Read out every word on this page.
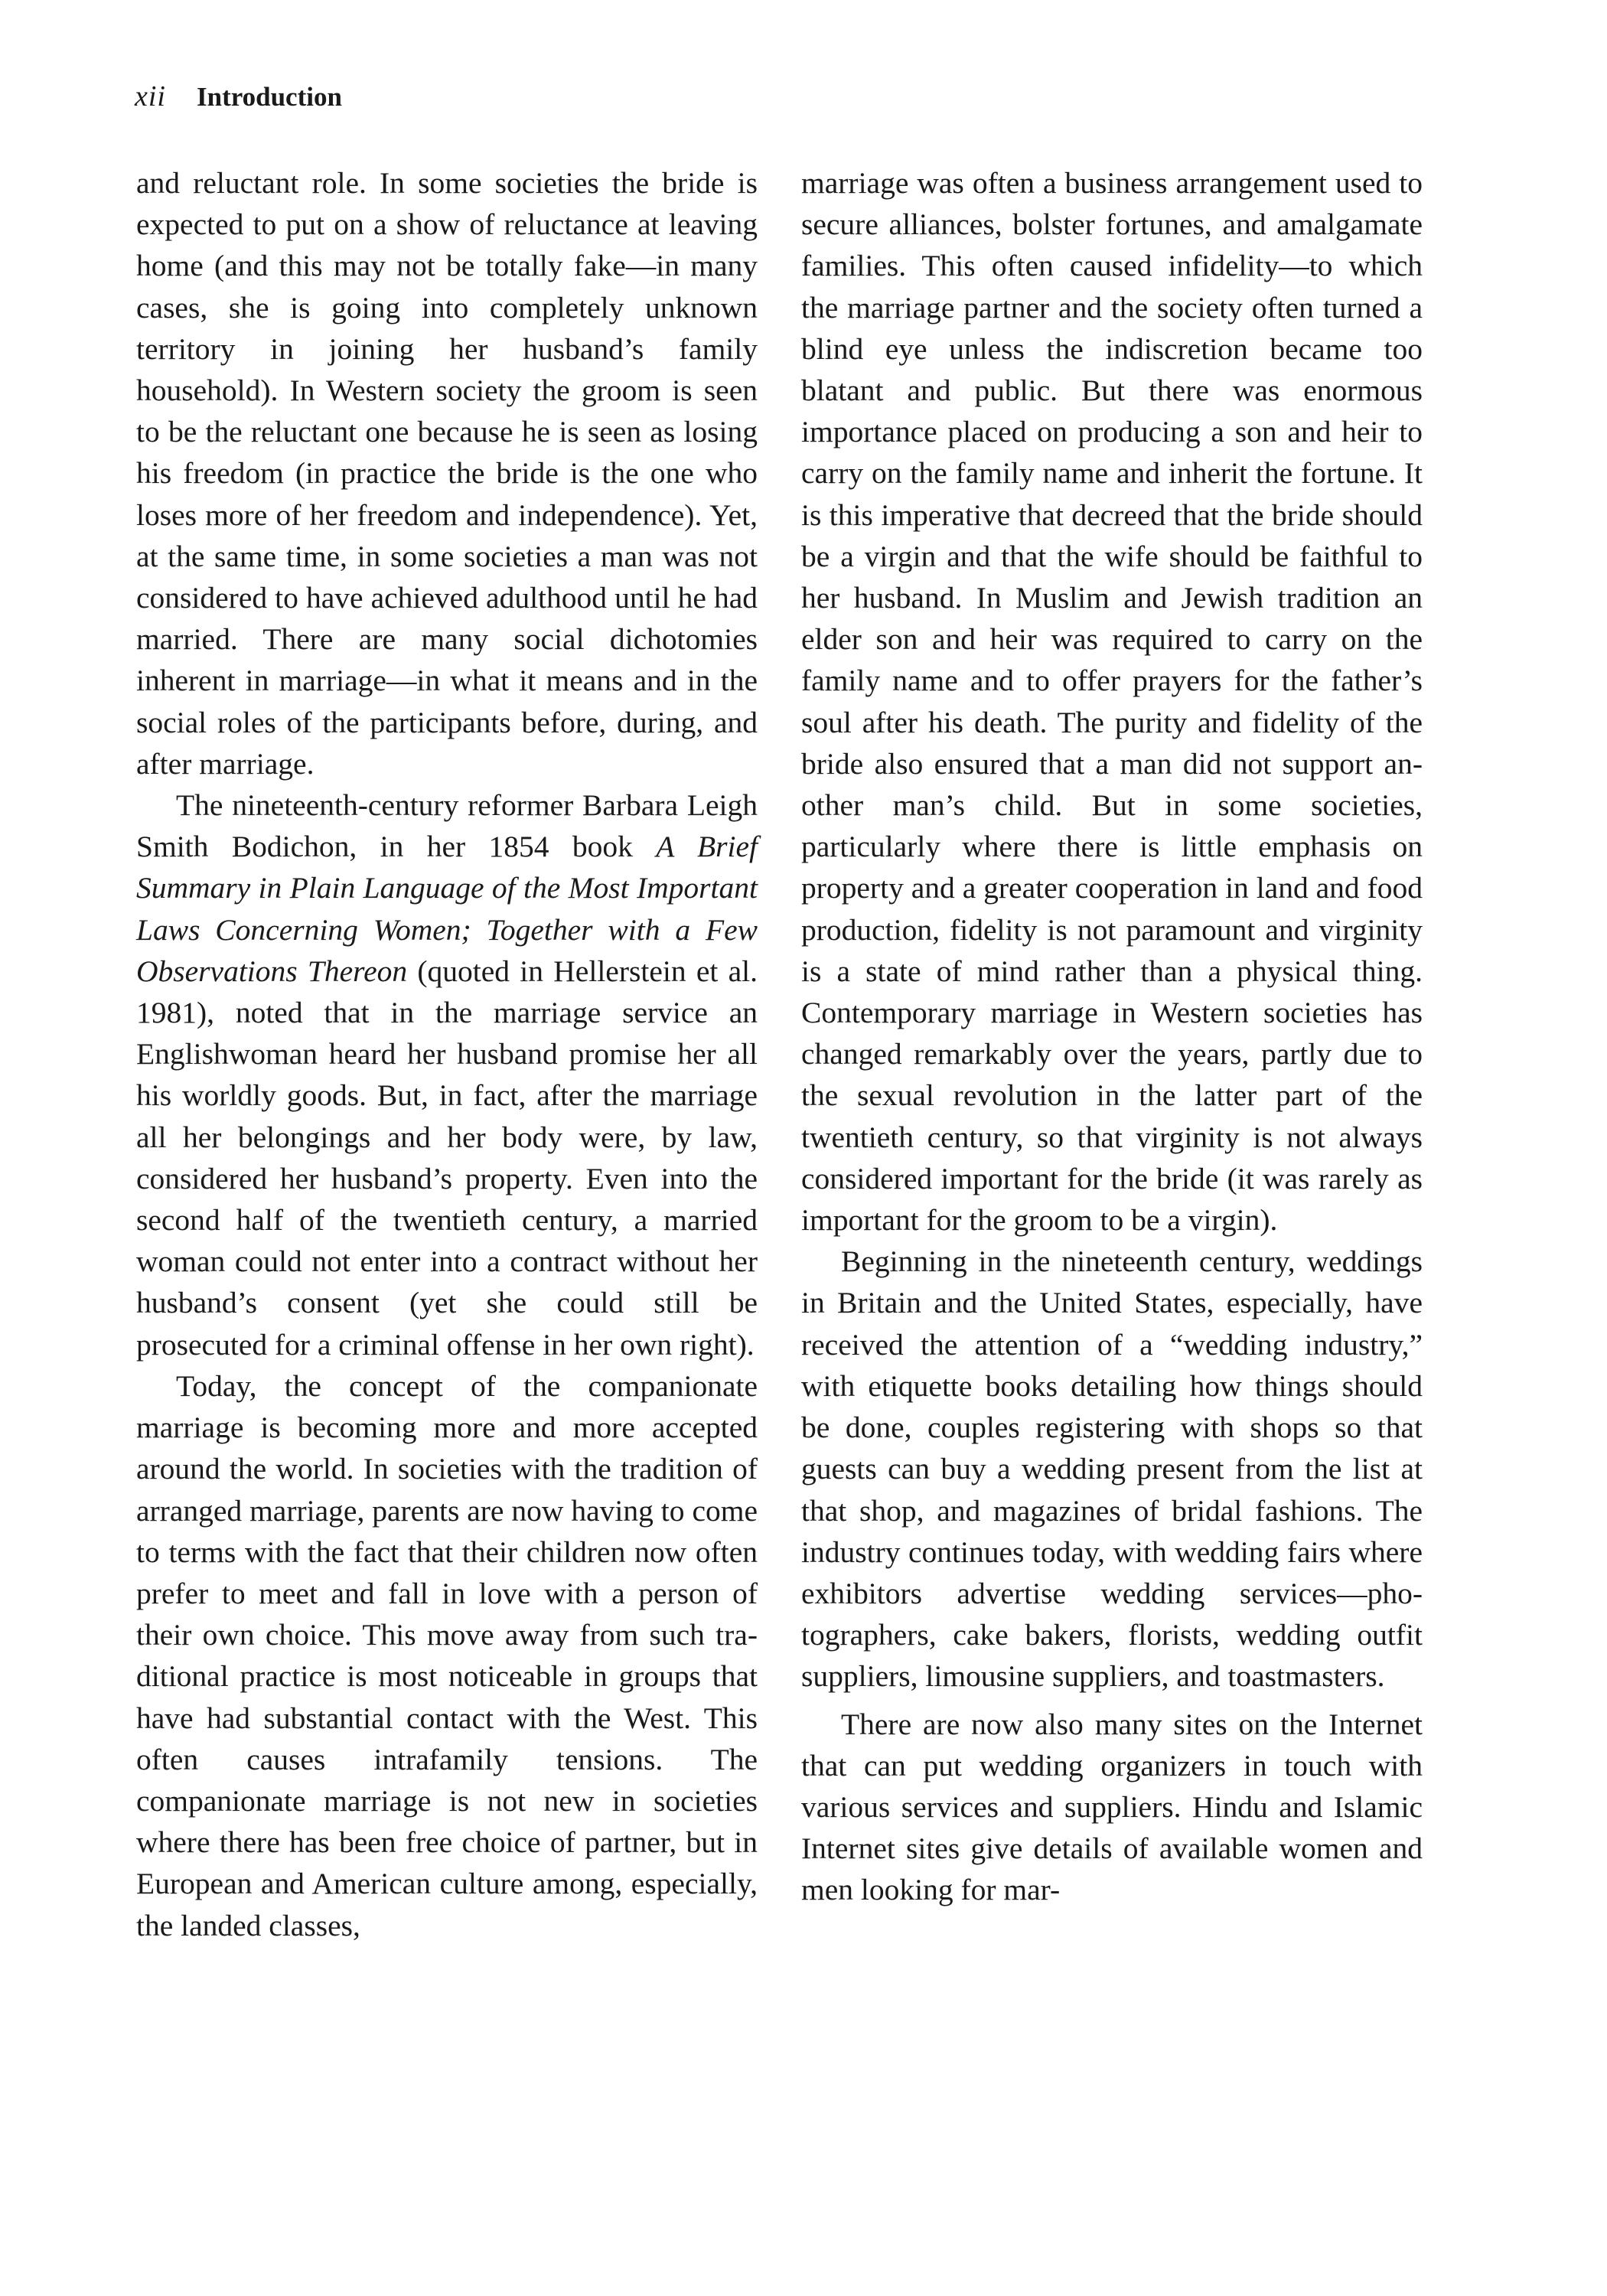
xii Introduction

and reluctant role. In some societies the bride is expected to put on a show of reluctance at leaving home (and this may not be totally fake—in many cases, she is going into completely unknown territory in joining her husband’s family household). In Western society the groom is seen to be the reluctant one because he is seen as losing his freedom (in practice the bride is the one who loses more of her freedom and independence). Yet, at the same time, in some societies a man was not considered to have achieved adulthood until he had married. There are many social dichotomies inherent in marriage—in what it means and in the social roles of the participants before, during, and after marriage.

The nineteenth-century reformer Barbara Leigh Smith Bodichon, in her 1854 book A Brief Summary in Plain Language of the Most Important Laws Concerning Women; Together with a Few Observations Thereon (quoted in Hellerstein et al. 1981), noted that in the marriage service an Englishwoman heard her husband promise her all his worldly goods. But, in fact, after the marriage all her belongings and her body were, by law, considered her husband’s property. Even into the second half of the twentieth century, a married woman could not enter into a contract without her husband’s consent (yet she could still be prosecuted for a criminal offense in her own right).

Today, the concept of the companionate marriage is becoming more and more accepted around the world. In societies with the tradition of arranged marriage, parents are now having to come to terms with the fact that their children now often prefer to meet and fall in love with a person of their own choice. This move away from such traditional practice is most noticeable in groups that have had substantial contact with the West. This often causes intrafamily tensions. The companionate marriage is not new in societies where there has been free choice of partner, but in European and American culture among, especially, the landed classes,

marriage was often a business arrangement used to secure alliances, bolster fortunes, and amalgamate families. This often caused infidelity—to which the marriage partner and the society often turned a blind eye unless the indiscretion became too blatant and public. But there was enormous importance placed on producing a son and heir to carry on the family name and inherit the fortune. It is this imperative that decreed that the bride should be a virgin and that the wife should be faithful to her husband. In Muslim and Jewish tradition an elder son and heir was required to carry on the family name and to offer prayers for the father’s soul after his death. The purity and fidelity of the bride also ensured that a man did not support another man’s child. But in some societies, particularly where there is little emphasis on property and a greater cooperation in land and food production, fidelity is not paramount and virginity is a state of mind rather than a physical thing. Contemporary marriage in Western societies has changed remarkably over the years, partly due to the sexual revolution in the latter part of the twentieth century, so that virginity is not always considered important for the bride (it was rarely as important for the groom to be a virgin).

Beginning in the nineteenth century, weddings in Britain and the United States, especially, have received the attention of a “wedding industry,” with etiquette books detailing how things should be done, couples registering with shops so that guests can buy a wedding present from the list at that shop, and magazines of bridal fashions. The industry continues today, with wedding fairs where exhibitors advertise wedding services—photographers, cake bakers, florists, wedding outfit suppliers, limousine suppliers, and toastmasters.

There are now also many sites on the Internet that can put wedding organizers in touch with various services and suppliers. Hindu and Islamic Internet sites give details of available women and men looking for mar-
